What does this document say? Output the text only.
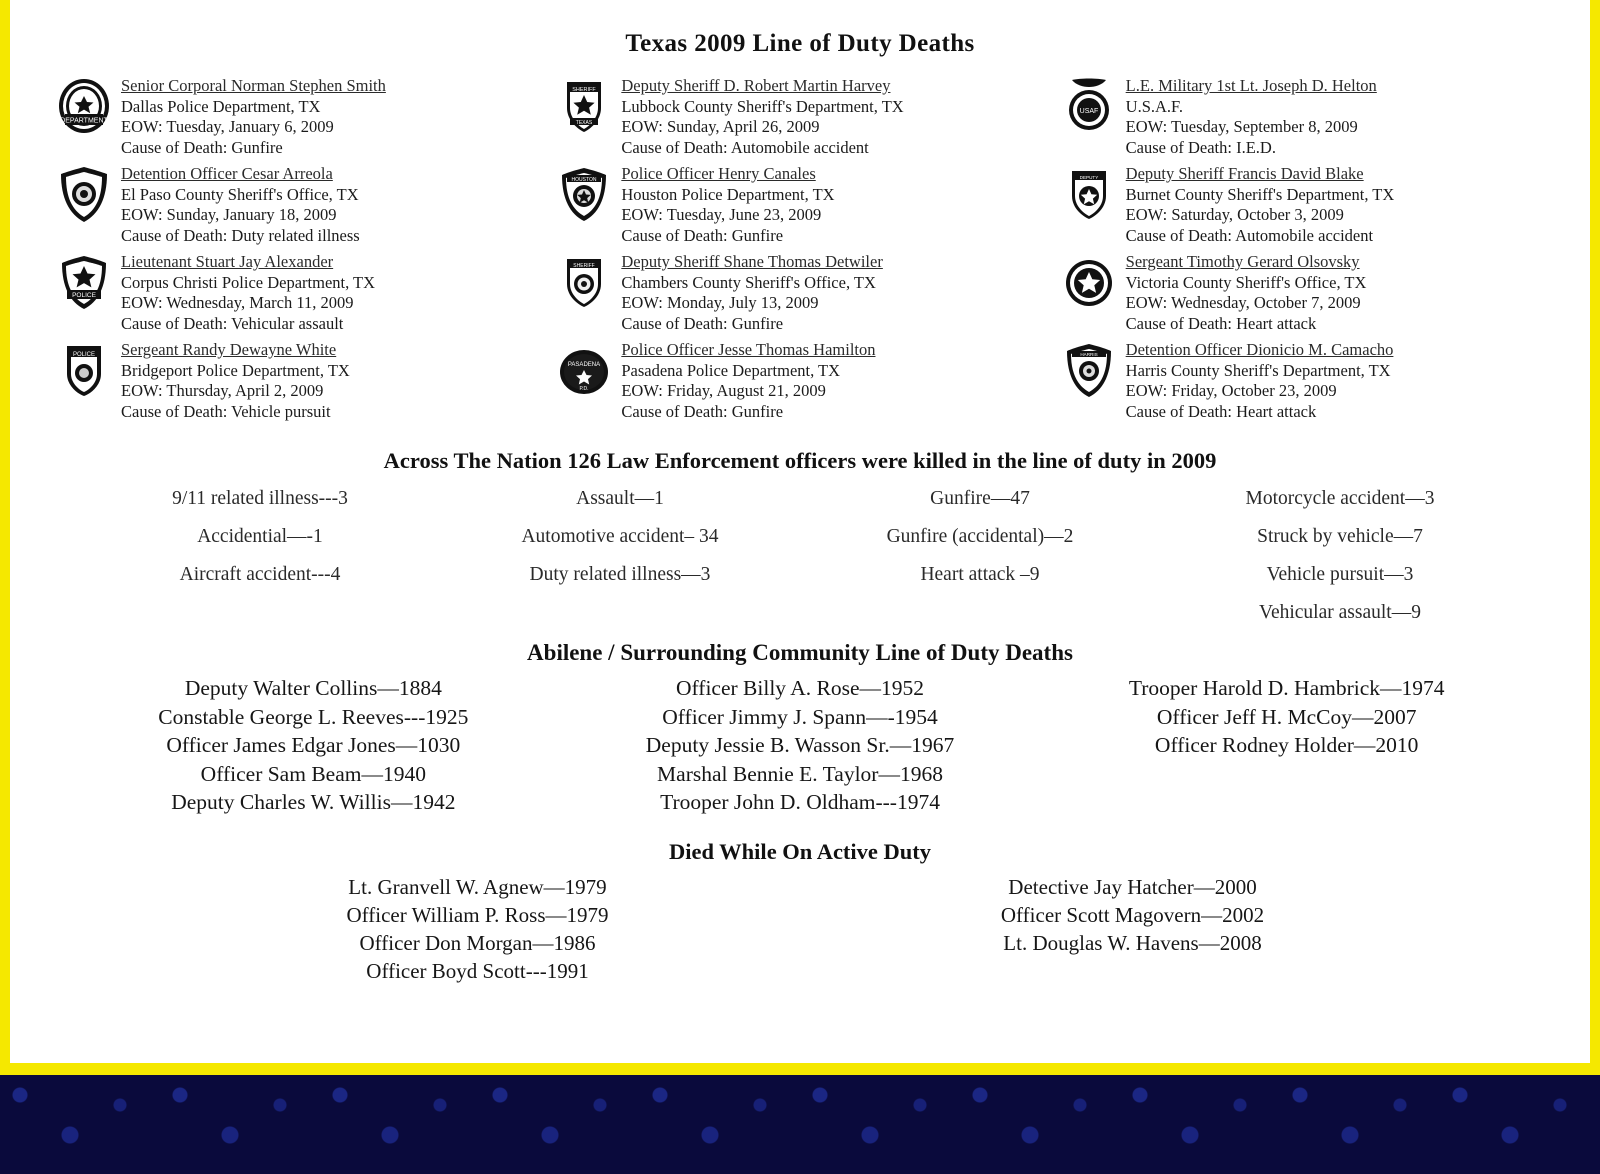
Texas 2009 Line of Duty Deaths
DEPARTMENT
Senior Corporal Norman Stephen Smith
Dallas Police Department, TX
EOW: Tuesday, January 6, 2009
Cause of Death: Gunfire
Detention Officer Cesar Arreola
El Paso County Sheriff's Office, TX
EOW: Sunday, January 18, 2009
Cause of Death: Duty related illness
POLICE
Lieutenant Stuart Jay Alexander
Corpus Christi Police Department, TX
EOW: Wednesday, March 11, 2009
Cause of Death: Vehicular assault
POLICE Sergeant Randy Dewayne White
Bridgeport Police Department, TX
EOW: Thursday, April 2, 2009
Cause of Death: Vehicle pursuit
SHERIFF
TEXAS
Deputy Sheriff D. Robert Martin Harvey
Lubbock County Sheriff's Department, TX
EOW: Sunday, April 26, 2009
Cause of Death: Automobile accident
HOUSTON Police Officer Henry Canales
Houston Police Department, TX
EOW: Tuesday, June 23, 2009
Cause of Death: Gunfire
SHERIFF Deputy Sheriff Shane Thomas Detwiler
Chambers County Sheriff's Office, TX
EOW: Monday, July 13, 2009
Cause of Death: Gunfire
PASADENA
P.D.
Police Officer Jesse Thomas Hamilton
Pasadena Police Department, TX
EOW: Friday, August 21, 2009
Cause of Death: Gunfire
USAF
L.E. Military 1st Lt. Joseph D. Helton
U.S.A.F.
EOW: Tuesday, September 8, 2009
Cause of Death: I.E.D.
DEPUTY Deputy Sheriff Francis David Blake
Burnet County Sheriff's Department, TX
EOW: Saturday, October 3, 2009
Cause of Death: Automobile accident
Sergeant Timothy Gerard Olsovsky
Victoria County Sheriff's Office, TX
EOW: Wednesday, October 7, 2009
Cause of Death: Heart attack
HARRIS Detention Officer Dionicio M. Camacho
Harris County Sheriff's Department, TX
EOW: Friday, October 23, 2009
Cause of Death: Heart attack
Across The Nation 126 Law Enforcement officers were killed in the line of duty in 2009
9/11 related illness---3	Assault—1	Gunfire—47	Motorcycle accident—3
Accidential—-1	Automotive accident– 34	Gunfire (accidental)—2	Struck by vehicle—7
Aircraft accident---4	Duty related illness—3	Heart attack –9	Vehicle pursuit—3
Vehicular assault—9
Abilene / Surrounding Community Line of Duty Deaths
Deputy Walter Collins—1884
Constable George L. Reeves---1925
Officer James Edgar Jones—1030
Officer Sam Beam—1940
Deputy Charles W. Willis—1942
Officer Billy A. Rose—1952
Officer Jimmy J. Spann—-1954
Deputy Jessie B. Wasson Sr.—1967
Marshal Bennie E. Taylor—1968
Trooper John D. Oldham---1974
Trooper Harold D. Hambrick—1974
Officer Jeff H. McCoy—2007
Officer Rodney Holder—2010
Died While On Active Duty
Lt. Granvell W. Agnew—1979
Officer William P. Ross—1979
Officer Don Morgan—1986
Officer Boyd Scott---1991
Detective Jay Hatcher—2000
Officer Scott Magovern—2002
Lt. Douglas W. Havens—2008
